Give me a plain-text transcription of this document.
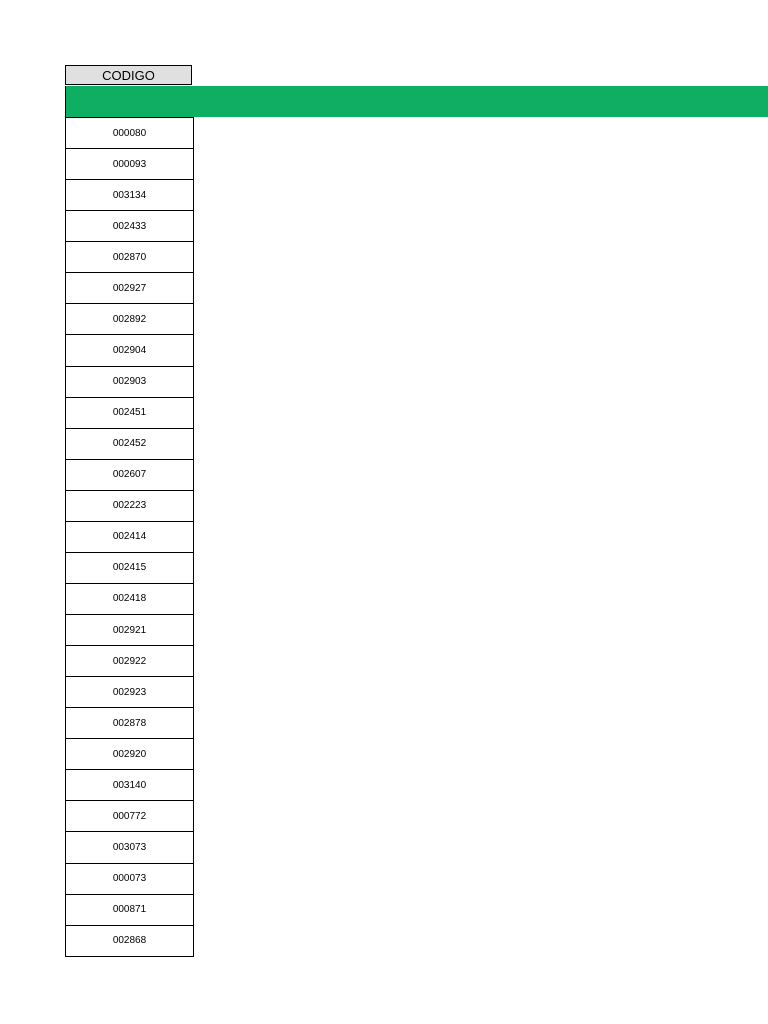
CODIGO
000080
000093
003134
002433
002870
002927
002892
002904
002903
002451
002452
002607
002223
002414
002415
002418
002921
002922
002923
002878
002920
003140
000772
003073
000073
000871
002868
